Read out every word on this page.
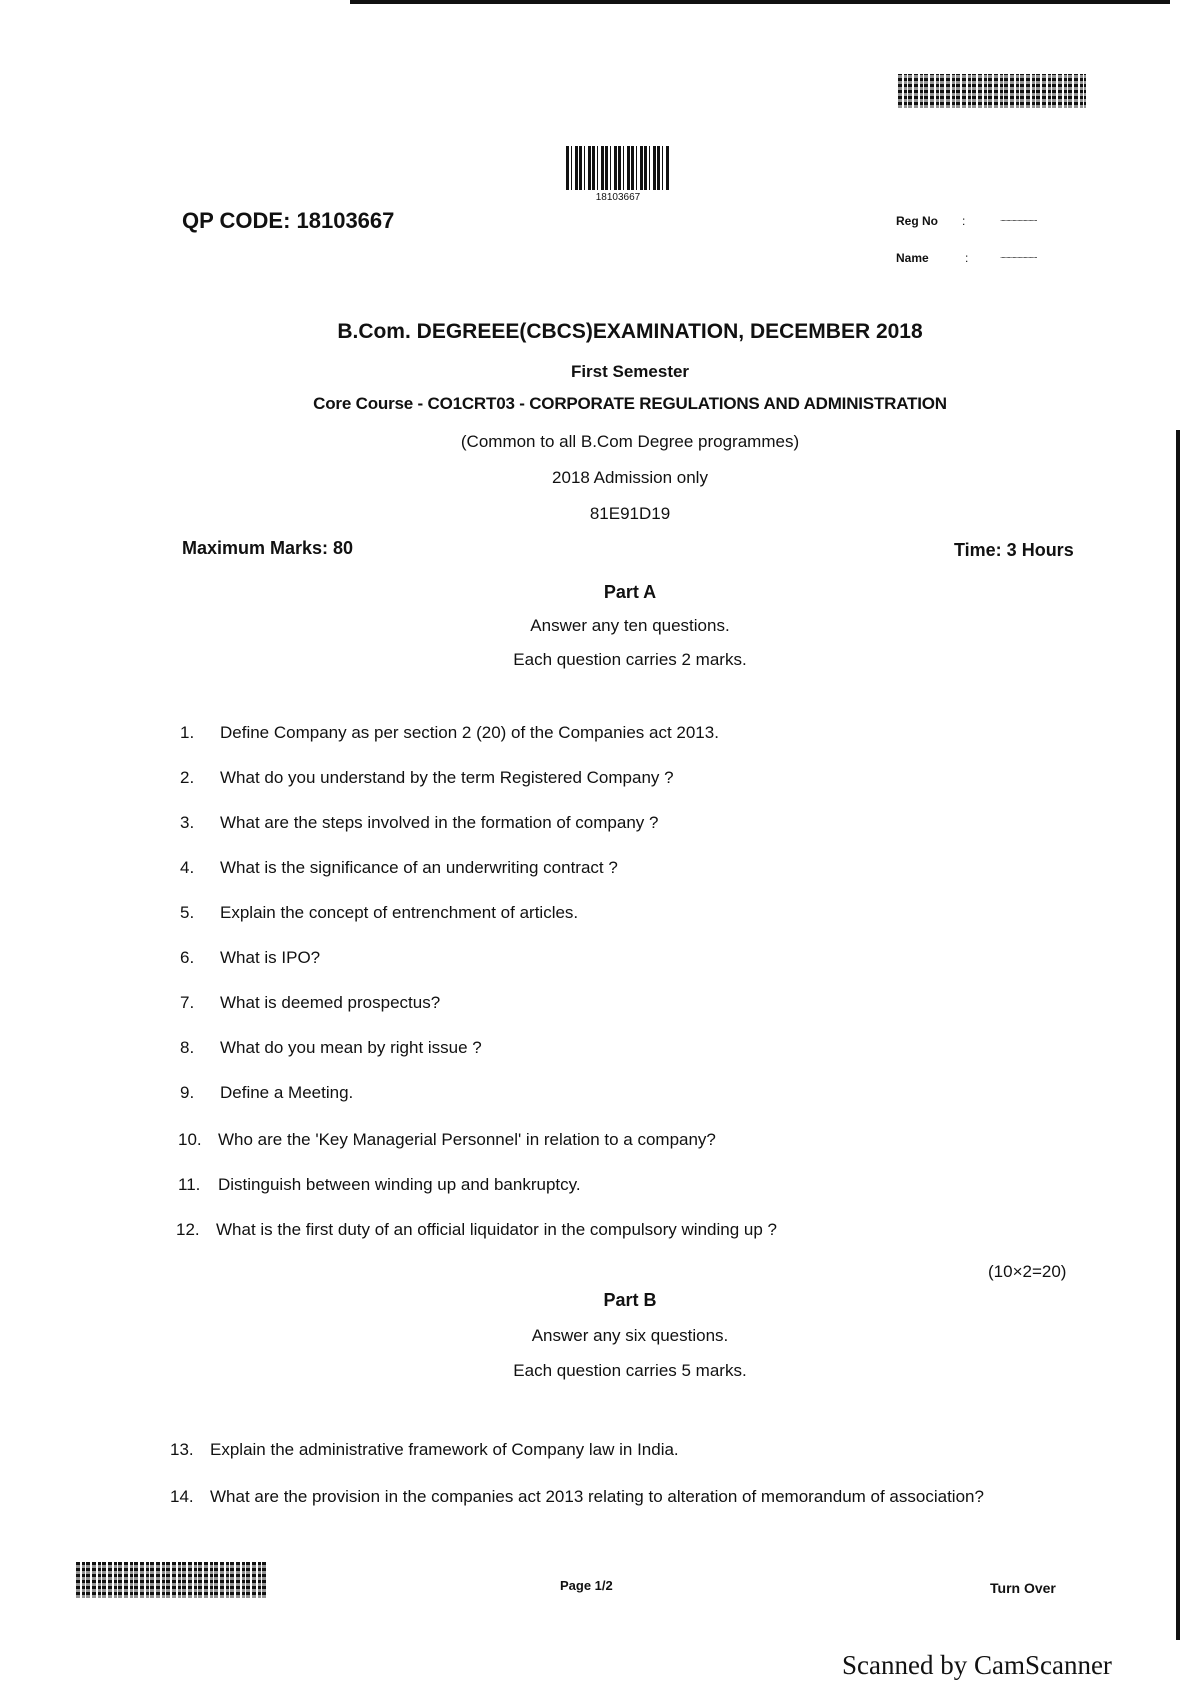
18103667
QP CODE: 18103667	Reg No :	..............................
Name	:	..............................
B.Com. DEGREEE(CBCS)EXAMINATION, DECEMBER 2018
First Semester
Core Course - CO1CRT03 - CORPORATE REGULATIONS AND ADMINISTRATION
(Common to all B.Com Degree programmes)
2018 Admission only
81E91D19
Maximum Marks: 80	Time: 3 Hours
Part A
Answer any ten questions.
Each question carries 2 marks.
1. Define Company as per section 2 (20) of the Companies act 2013.
2. What do you understand by the term Registered Company ?
3. What are the steps involved in the formation of company ?
4. What is the significance of an underwriting contract ?
5. Explain the concept of entrenchment of articles.
6. What is IPO?
7. What is deemed prospectus?
8. What do you mean by right issue ?
9. Define a Meeting.
10. Who are the 'Key Managerial Personnel' in relation to a company?
11. Distinguish between winding up and bankruptcy.
12. What is the first duty of an official liquidator in the compulsory winding up ?
(10×2=20)
Part B
Answer any six questions.
Each question carries 5 marks.
13. Explain the administrative framework of Company law in India.
14. What are the provision in the companies act 2013 relating to alteration of memorandum of association?
Page 1/2	Turn Over
Scanned by CamScanner
